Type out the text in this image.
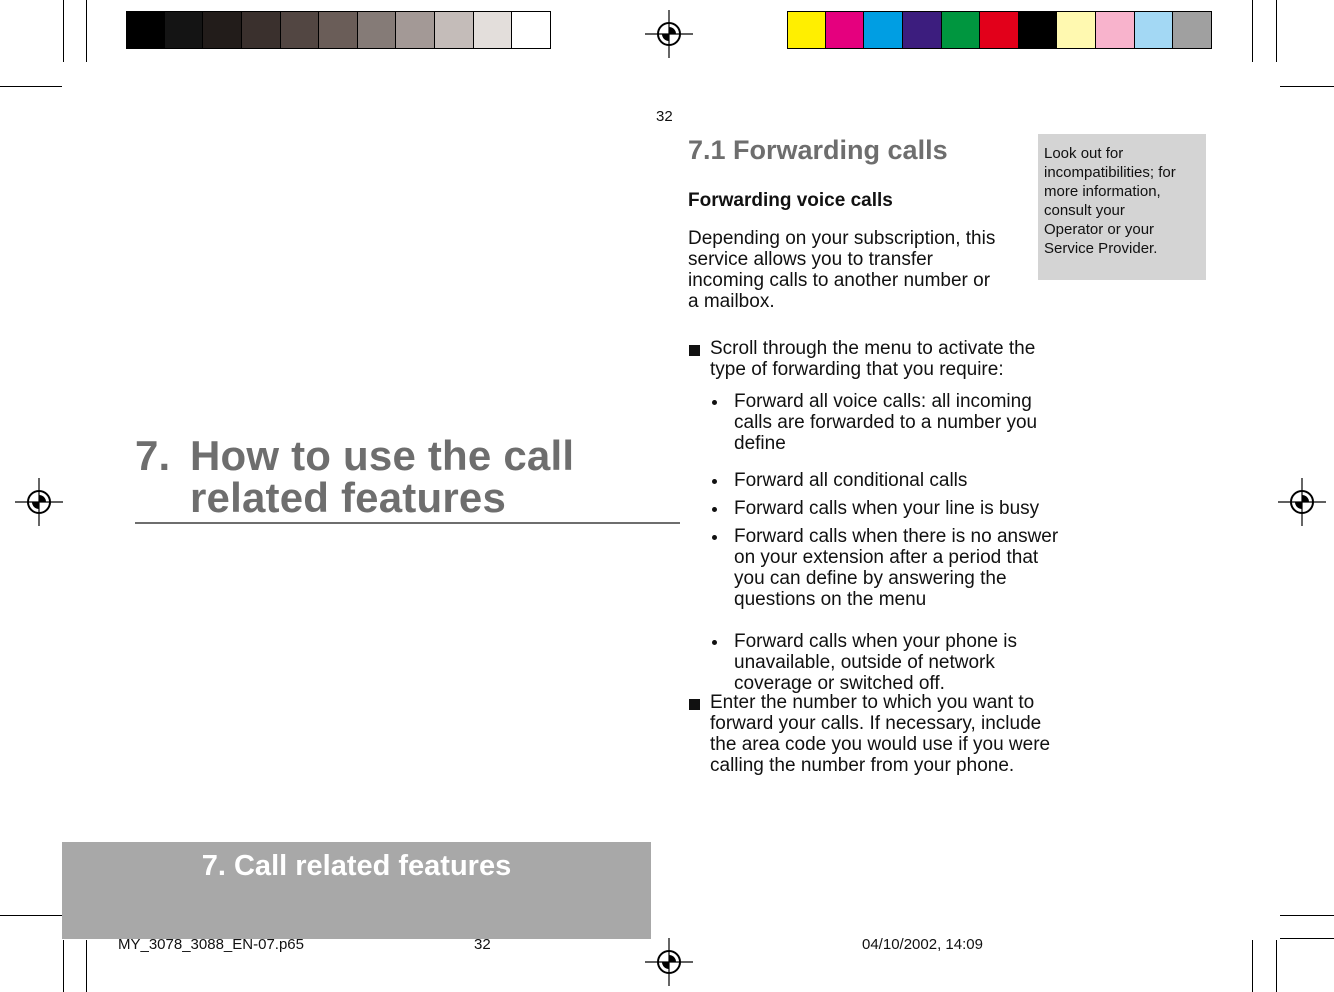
7. How to use the call
related features
7. Call related features
32
7.1 Forwarding calls	Look out for
incompatibilities; for
more information,
consult your
Operator or your
Service Provider.
Forwarding voice calls
Depending on your subscription, this
service allows you to transfer
incoming calls to another number or
a mailbox.
Scroll through the menu to activate the
type of forwarding that you require:
Forward all voice calls: all incoming
calls are forwarded to a number you
define
Forward all conditional calls
Forward calls when your line is busy
Forward calls when there is no answer
on your extension after a period that
you can define by answering the
questions on the menu
Forward calls when your phone is
unavailable, outside of network
coverage or switched off.
Enter the number to which you want to
forward your calls. If necessary, include
the area code you would use if you were
calling the number from your phone.
MY_3078_3088_EN-07.p65	32	04/10/2002, 14:09
